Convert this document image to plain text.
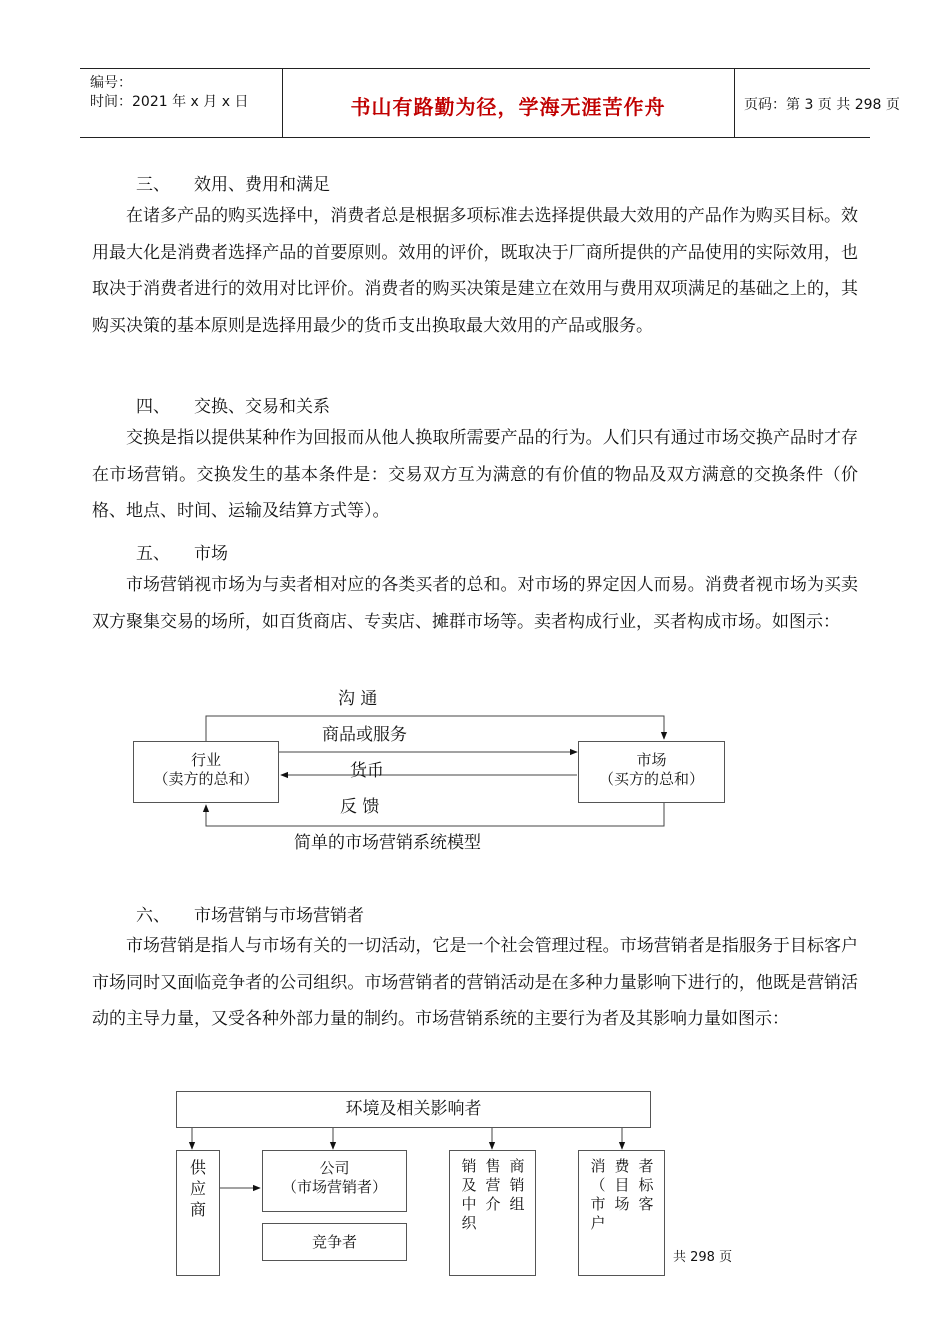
编号：
时间：2021 年 x 月 x 日	书山有路勤为径，学海无涯苦作舟	页码：第 3 页 共 298 页
三、 效用、费用和满足

在诸多产品的购买选择中，消费者总是根据多项标准去选择提供最大效用的产品作为购买目标。效用最大化是消费者选择产品的首要原则。效用的评价，既取决于厂商所提供的产品使用的实际效用，也取决于消费者进行的效用对比评价。消费者的购买决策是建立在效用与费用双项满足的基础之上的，其购买决策的基本原则是选择用最少的货币支出换取最大效用的产品或服务。

四、 交换、交易和关系

交换是指以提供某种作为回报而从他人换取所需要产品的行为。人们只有通过市场交换产品时才存在市场营销。交换发生的基本条件是：交易双方互为满意的有价值的物品及双方满意的交换条件（价格、地点、时间、运输及结算方式等）。

五、 市场

市场营销视市场为与卖者相对应的各类买者的总和。对市场的界定因人而易。消费者视市场为买卖双方聚集交易的场所，如百货商店、专卖店、摊群市场等。卖者构成行业，买者构成市场。如图示：

沟 通
商品或服务
货币
反 馈
行业
（卖方的总和）
市场
（买方的总和）
简单的市场营销系统模型
六、 市场营销与市场营销者

市场营销是指人与市场有关的一切活动，它是一个社会管理过程。市场营销者是指服务于目标客户市场同时又面临竞争者的公司组织。市场营销者的营销活动是在多种力量影响下进行的，他既是营销活动的主导力量，又受各种外部力量的制约。市场营销系统的主要行为者及其影响力量如图示：

环境及相关影响者
供
应
商
公司
（市场营销者）
竞争者
销
及
中
织
售
营
介
商
销
组
消
（
市
户
费
目
场
者
标
客
共 298 页
